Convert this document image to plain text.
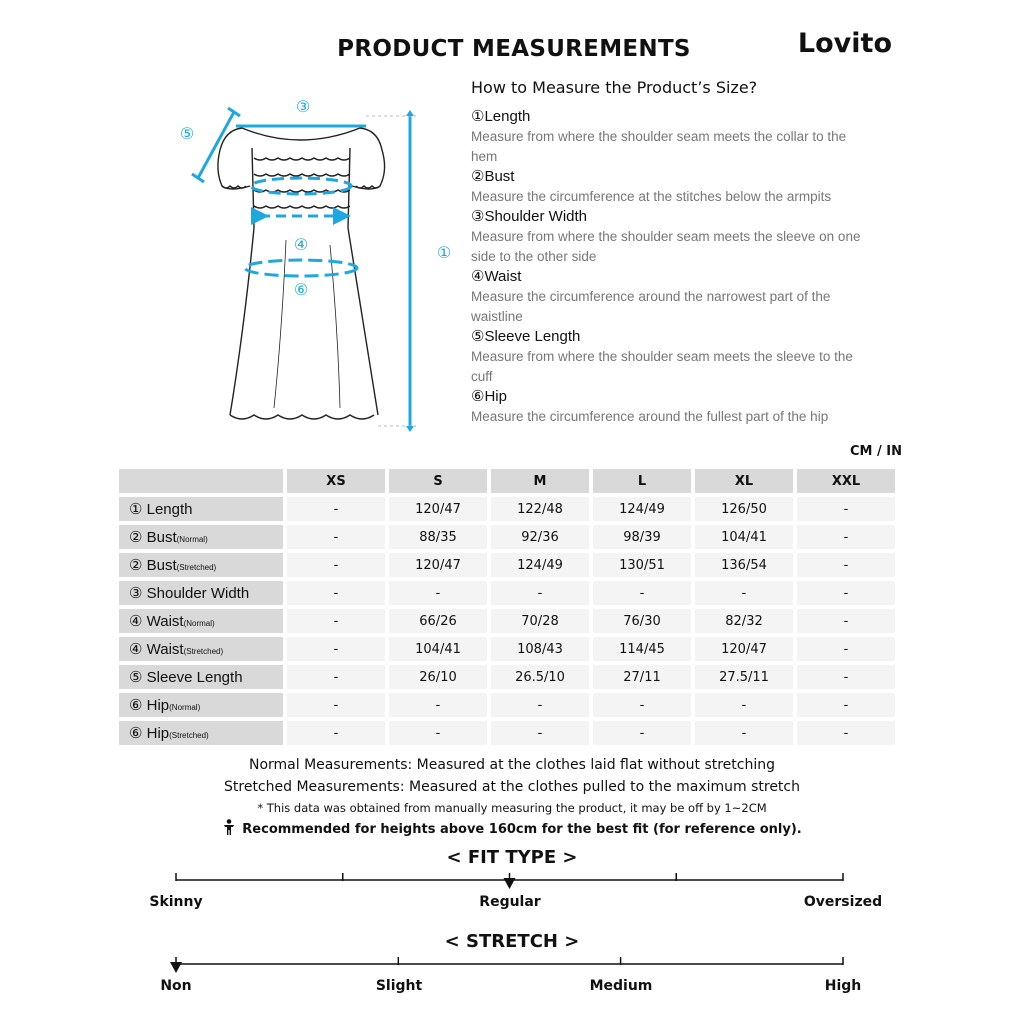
PRODUCT MEASUREMENTS	Lovito
③
⑤
④
⑥
①
How to Measure the Product’s Size?
①Length
Measure from where the shoulder seam meets the collar to the hem
②Bust
Measure the circumference at the stitches below the armpits
③Shoulder Width
Measure from where the shoulder seam meets the sleeve on one side to the other side
④Waist
Measure the circumference around the narrowest part of the waistline
⑤Sleeve Length
Measure from where the shoulder seam meets the sleeve to the cuff
⑥Hip
Measure the circumference around the fullest part of the hip
CM / IN
	XS	S	M	L	XL	XXL
① Length	-	120/47	122/48	124/49	126/50	-
② Bust(Normal)	-	88/35	92/36	98/39	104/41	-
② Bust(Stretched)	-	120/47	124/49	130/51	136/54	-
③ Shoulder Width	-	-	-	-	-	-
④ Waist(Normal)	-	66/26	70/28	76/30	82/32	-
④ Waist(Stretched)	-	104/41	108/43	114/45	120/47	-
⑤ Sleeve Length	-	26/10	26.5/10	27/11	27.5/11	-
⑥ Hip(Normal)	-	-	-	-	-	-
⑥ Hip(Stretched)	-	-	-	-	-	-
Normal Measurements: Measured at the clothes laid flat without stretching
Stretched Measurements: Measured at the clothes pulled to the maximum stretch
* This data was obtained from manually measuring the product, it may be off by 1~2CM
Recommended for heights above 160cm for the best fit (for reference only).
< FIT TYPE >
< STRETCH >
Skinny	Regular	Oversized
Non	Slight	Medium	High
